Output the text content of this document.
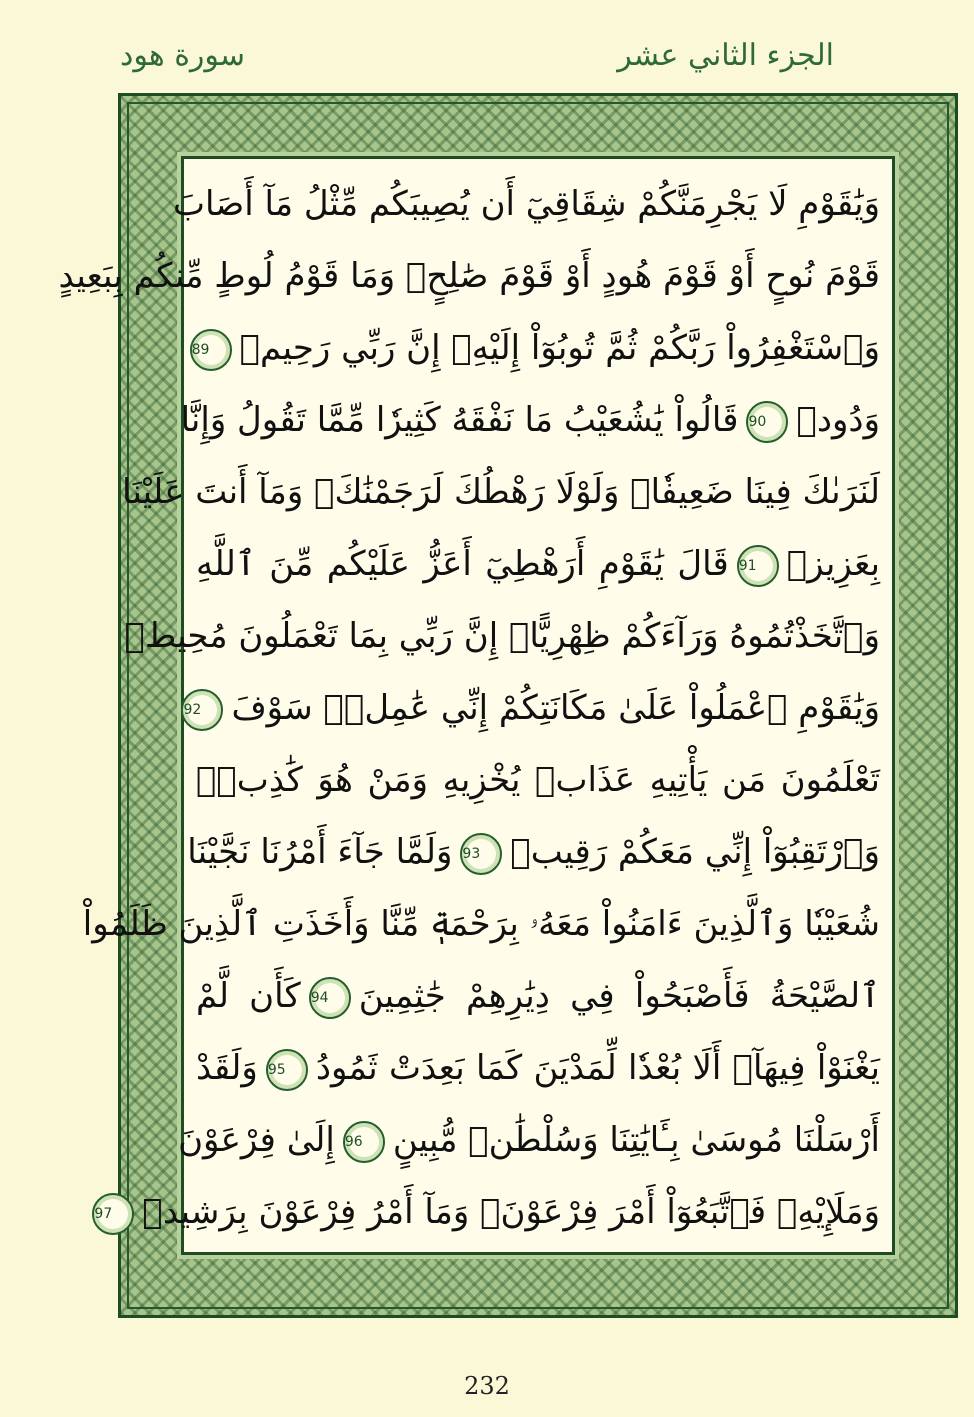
سورة هود	الجزء الثاني عشر
وَيَٰقَوْمِ لَا يَجْرِمَنَّكُمْ شِقَاقِيٓ أَن يُصِيبَكُم مِّثْلُ مَآ أَصَابَ
قَوْمَ نُوحٍ أَوْ قَوْمَ هُودٍ أَوْ قَوْمَ صَٰلِحٍۚ وَمَا قَوْمُ لُوطٍ مِّنكُم بِبَعِيدٍ
وَٱسْتَغْفِرُواْ رَبَّكُمْ ثُمَّ تُوبُوٓاْ إِلَيْهِۚ إِنَّ رَبِّي رَحِيمٞ89
وَدُودٞ90قَالُواْ يَٰشُعَيْبُ مَا نَفْقَهُ كَثِيرٗا مِّمَّا تَقُولُ وَإِنَّا
لَنَرَىٰكَ فِينَا ضَعِيفٗاۖ وَلَوْلَا رَهْطُكَ لَرَجَمْنَٰكَۖ وَمَآ أَنتَ عَلَيْنَا
بِعَزِيزٖ91قَالَ يَٰقَوْمِ أَرَهْطِيٓ أَعَزُّ عَلَيْكُم مِّنَ ٱللَّهِ
وَٱتَّخَذْتُمُوهُ وَرَآءَكُمْ ظِهْرِيًّاۖ إِنَّ رَبِّي بِمَا تَعْمَلُونَ مُحِيطٞ
وَيَٰقَوْمِ ٱعْمَلُواْ عَلَىٰ مَكَانَتِكُمْ إِنِّي عَٰمِلٞۖ سَوْفَ92
تَعْلَمُونَ مَن يَأْتِيهِ عَذَابٞ يُخْزِيهِ وَمَنْ هُوَ كَٰذِبٞۖ
وَٱرْتَقِبُوٓاْ إِنِّي مَعَكُمْ رَقِيبٞ93وَلَمَّا جَآءَ أَمْرُنَا نَجَّيْنَا
شُعَيْبٗا وَٱلَّذِينَ ءَامَنُواْ مَعَهُۥ بِرَحْمَةٖ مِّنَّا وَأَخَذَتِ ٱلَّذِينَ ظَلَمُواْ
ٱلصَّيْحَةُ فَأَصْبَحُواْ فِي دِيَٰرِهِمْ جَٰثِمِينَ94كَأَن لَّمْ
يَغْنَوْاْ فِيهَآۗ أَلَا بُعْدٗا لِّمَدْيَنَ كَمَا بَعِدَتْ ثَمُودُ95وَلَقَدْ
أَرْسَلْنَا مُوسَىٰ بِـَٔايَٰتِنَا وَسُلْطَٰنٖ مُّبِينٍ96إِلَىٰ فِرْعَوْنَ
وَمَلَإِيْهِۦ فَٱتَّبَعُوٓاْ أَمْرَ فِرْعَوْنَۖ وَمَآ أَمْرُ فِرْعَوْنَ بِرَشِيدٖ97
232
